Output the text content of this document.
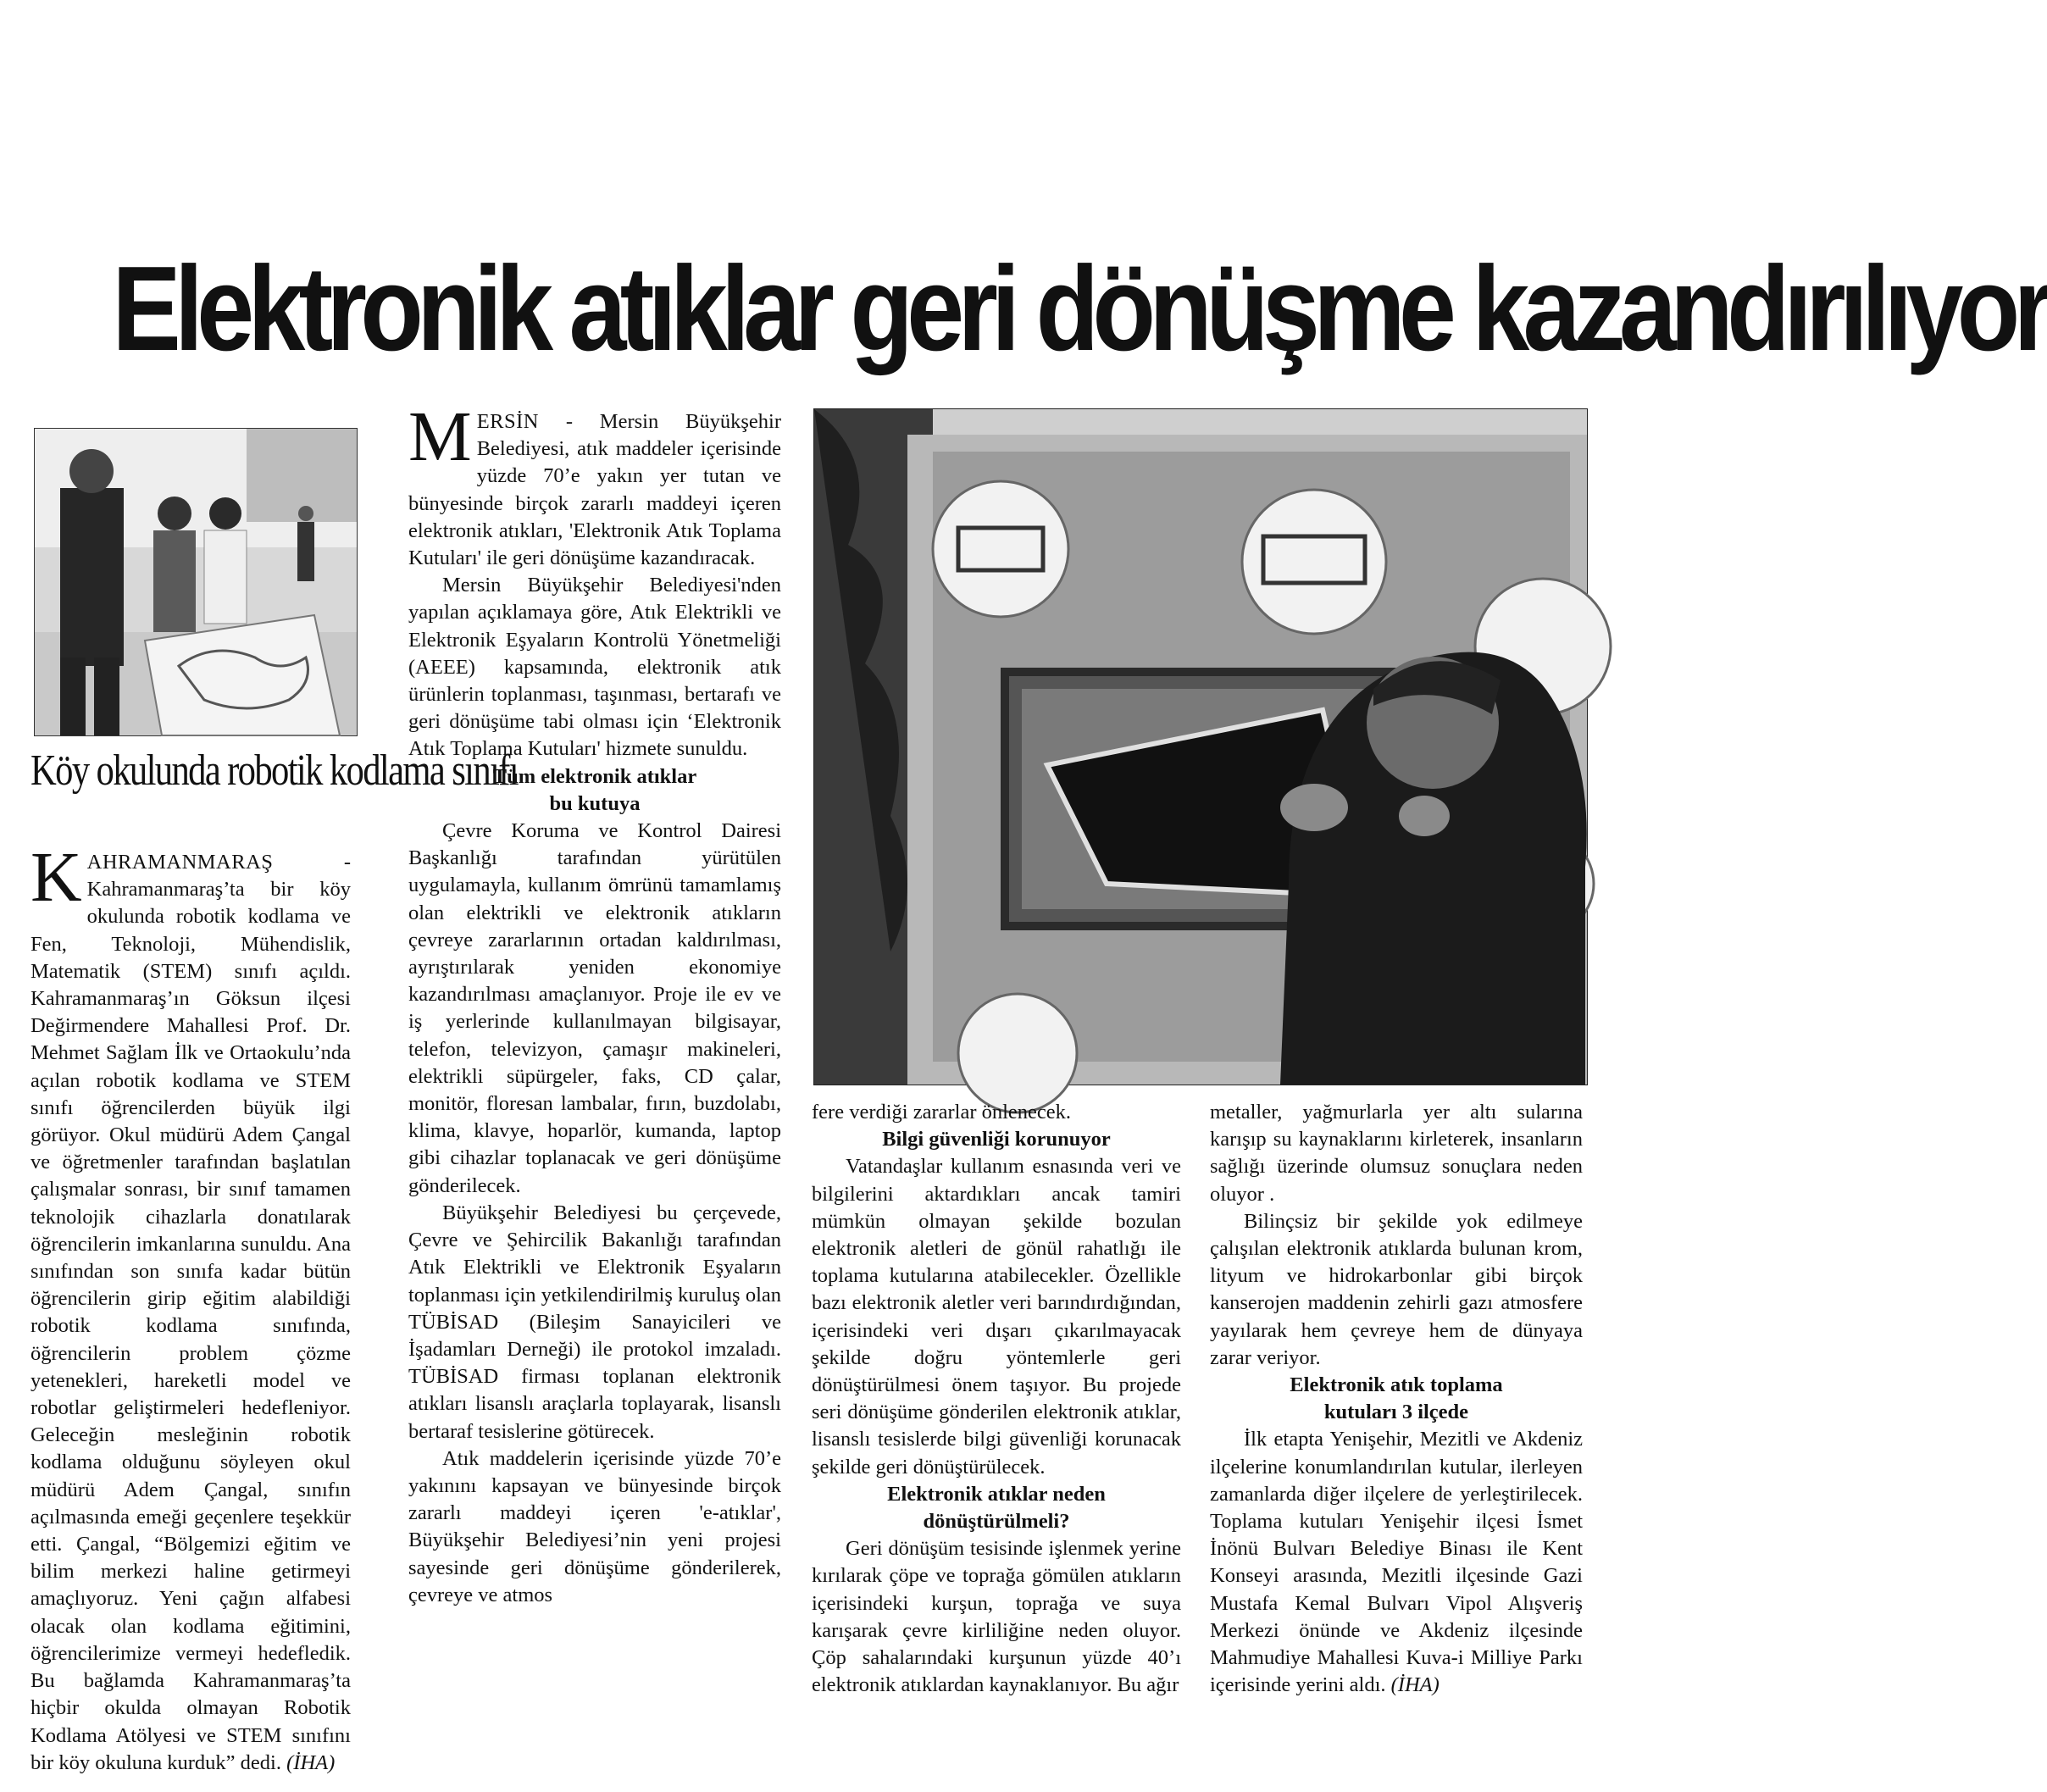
Elektronik atıklar geri dönüşme kazandırılıyor
Köy okulunda robotik kodlama sınıfı

KAHRAMANMARAŞ - Kahramanmaraş’ta bir köy okulunda robotik kodlama ve Fen, Teknoloji, Mühendislik, Matematik (STEM) sınıfı açıldı. Kahramanmaraş’ın Göksun ilçesi Değirmendere Mahallesi Prof. Dr. Mehmet Sağlam İlk ve Ortaokulu’nda açılan robotik kodlama ve STEM sınıfı öğrencilerden büyük ilgi görüyor. Okul müdürü Adem Çangal ve öğretmenler tarafından başlatılan çalışmalar sonrası, bir sınıf tamamen teknolojik cihazlarla donatılarak öğrencilerin imkanlarına sunuldu. Ana sınıfından son sınıfa kadar bütün öğrencilerin girip eğitim alabildiği robotik kodlama sınıfında, öğrencilerin problem çözme yetenekleri, hareketli model ve robotlar geliştirmeleri hedefleniyor. Geleceğin mesleğinin robotik kodlama olduğunu söyleyen okul müdürü Adem Çangal, sınıfın açılmasında emeği geçenlere teşekkür etti. Çangal, “Bölgemizi eğitim ve bilim merkezi haline getirmeyi amaçlıyoruz. Yeni çağın alfabesi olacak olan kodlama eğitimini, öğrencilerimize vermeyi hedefledik. Bu bağlamda Kahramanmaraş’ta hiçbir okulda olmayan Robotik Kodlama Atölyesi ve STEM sınıfını bir köy okuluna kurduk” dedi. (İHA)

MERSİN - Mersin Büyükşehir Belediyesi, atık maddeler içerisinde yüzde 70’e yakın yer tutan ve bünyesinde birçok zararlı maddeyi içeren elektronik atıkları, 'Elektronik Atık Toplama Kutuları' ile geri dönüşüme kazandıracak.

Mersin Büyükşehir Belediyesi'nden yapılan açıklamaya göre, Atık Elektrikli ve Elektronik Eşyaların Kontrolü Yönetmeliği (AEEE) kapsamında, elektronik atık ürünlerin toplanması, taşınması, bertarafı ve geri dönüşüme tabi olması için ‘Elektronik Atık Toplama Kutuları' hizmete sunuldu.

Tüm elektronik atıklar
bu kutuya

Çevre Koruma ve Kontrol Dairesi Başkanlığı tarafından yürütülen uygulamayla, kullanım ömrünü tamamlamış olan elektrikli ve elektronik atıkların çevreye zararlarının ortadan kaldırılması, ayrıştırılarak yeniden ekonomiye kazandırılması amaçlanıyor. Proje ile ev ve iş yerlerinde kullanılmayan bilgisayar, telefon, televizyon, çamaşır makineleri, elektrikli süpürgeler, faks, CD çalar, monitör, floresan lambalar, fırın, buzdolabı, klima, klavye, hoparlör, kumanda, laptop gibi cihazlar toplanacak ve geri dönüşüme gönderilecek.

Büyükşehir Belediyesi bu çerçevede, Çevre ve Şehircilik Bakanlığı tarafından Atık Elektrikli ve Elektronik Eşyaların toplanması için yetkilendirilmiş kuruluş olan TÜBİSAD (Bileşim Sanayicileri ve İşadamları Derneği) ile protokol imzaladı. TÜBİSAD firması toplanan elektronik atıkları lisanslı araçlarla toplayarak, lisanslı bertaraf tesislerine götürecek.

Atık maddelerin içerisinde yüzde 70’e yakınını kapsayan ve bünyesinde birçok zararlı maddeyi içeren 'e-atıklar', Büyükşehir Belediyesi’nin yeni projesi sayesinde geri dönüşüme gönderilerek, çevreye ve atmos

fere verdiği zararlar önlenecek.

Bilgi güvenliği korunuyor

Vatandaşlar kullanım esnasında veri ve bilgilerini aktardıkları ancak tamiri mümkün olmayan şekilde bozulan elektronik aletleri de gönül rahatlığı ile toplama kutularına atabilecekler. Özellikle bazı elektronik aletler veri barındırdığından, içerisindeki veri dışarı çıkarılmayacak şekilde doğru yöntemlerle geri dönüştürülmesi önem taşıyor. Bu projede seri dönüşüme gönderilen elektronik atıklar, lisanslı tesislerde bilgi güvenliği korunacak şekilde geri dönüştürülecek.

Elektronik atıklar neden
dönüştürülmeli?

Geri dönüşüm tesisinde işlenmek yerine kırılarak çöpe ve toprağa gömülen atıkların içerisindeki kurşun, toprağa ve suya karışarak çevre kirliliğine neden oluyor. Çöp sahalarındaki kurşunun yüzde 40’ı elektronik atıklardan kaynaklanıyor. Bu ağır

metaller, yağmurlarla yer altı sularına karışıp su kaynaklarını kirleterek, insanların sağlığı üzerinde olumsuz sonuçlara neden oluyor .

Bilinçsiz bir şekilde yok edilmeye çalışılan elektronik atıklarda bulunan krom, lityum ve hidrokarbonlar gibi birçok kanserojen maddenin zehirli gazı atmosfere yayılarak hem çevreye hem de dünyaya zarar veriyor.

Elektronik atık toplama
kutuları 3 ilçede

İlk etapta Yenişehir, Mezitli ve Akdeniz ilçelerine konumlandırılan kutular, ilerleyen zamanlarda diğer ilçelere de yerleştirilecek. Toplama kutuları Yenişehir ilçesi İsmet İnönü Bulvarı Belediye Binası ile Kent Konseyi arasında, Mezitli ilçesinde Gazi Mustafa Kemal Bulvarı Vipol Alışveriş Merkezi önünde ve Akdeniz ilçesinde Mahmudiye Mahallesi Kuva-i Milliye Parkı içerisinde yerini aldı. (İHA)
